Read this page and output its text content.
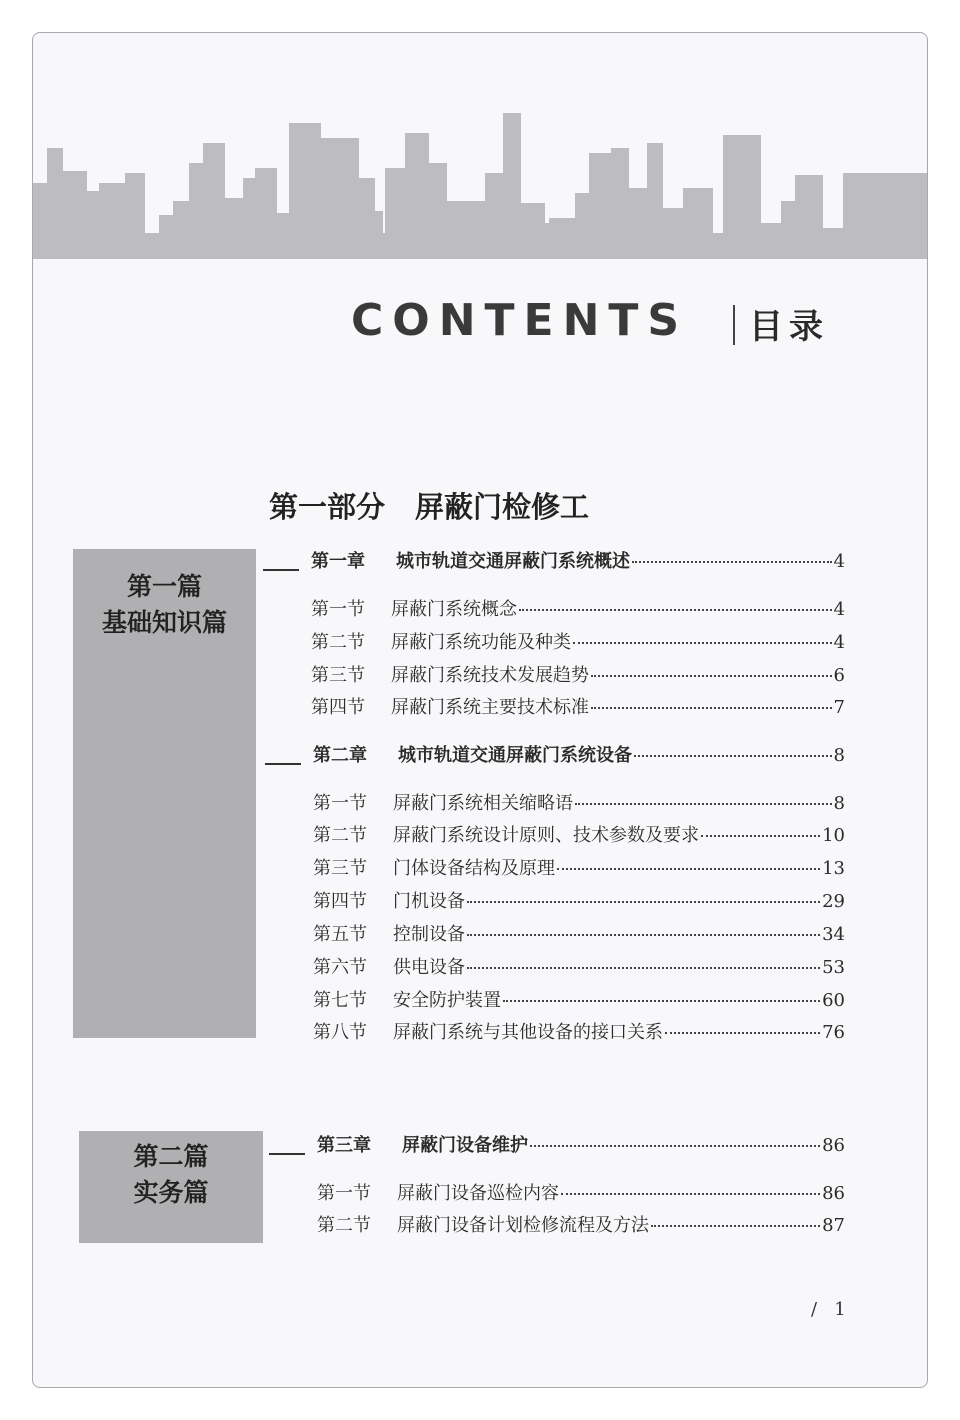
CONTENTS 目录
第一部分 屏蔽门检修工
第一篇
基础知识篇
第二篇
实务篇
第一章	城市轨道交通屏蔽门系统概述	4
第一节	屏蔽门系统概念	4
第二节	屏蔽门系统功能及种类	4
第三节	屏蔽门系统技术发展趋势	6
第四节	屏蔽门系统主要技术标准	7
第二章	城市轨道交通屏蔽门系统设备	8
第一节	屏蔽门系统相关缩略语	8
第二节	屏蔽门系统设计原则、技术参数及要求	10
第三节	门体设备结构及原理	13
第四节	门机设备	29
第五节	控制设备	34
第六节	供电设备	53
第七节	安全防护装置	60
第八节	屏蔽门系统与其他设备的接口关系	76
第三章	屏蔽门设备维护	86
第一节	屏蔽门设备巡检内容	86
第二节	屏蔽门设备计划检修流程及方法	87
/ 1
